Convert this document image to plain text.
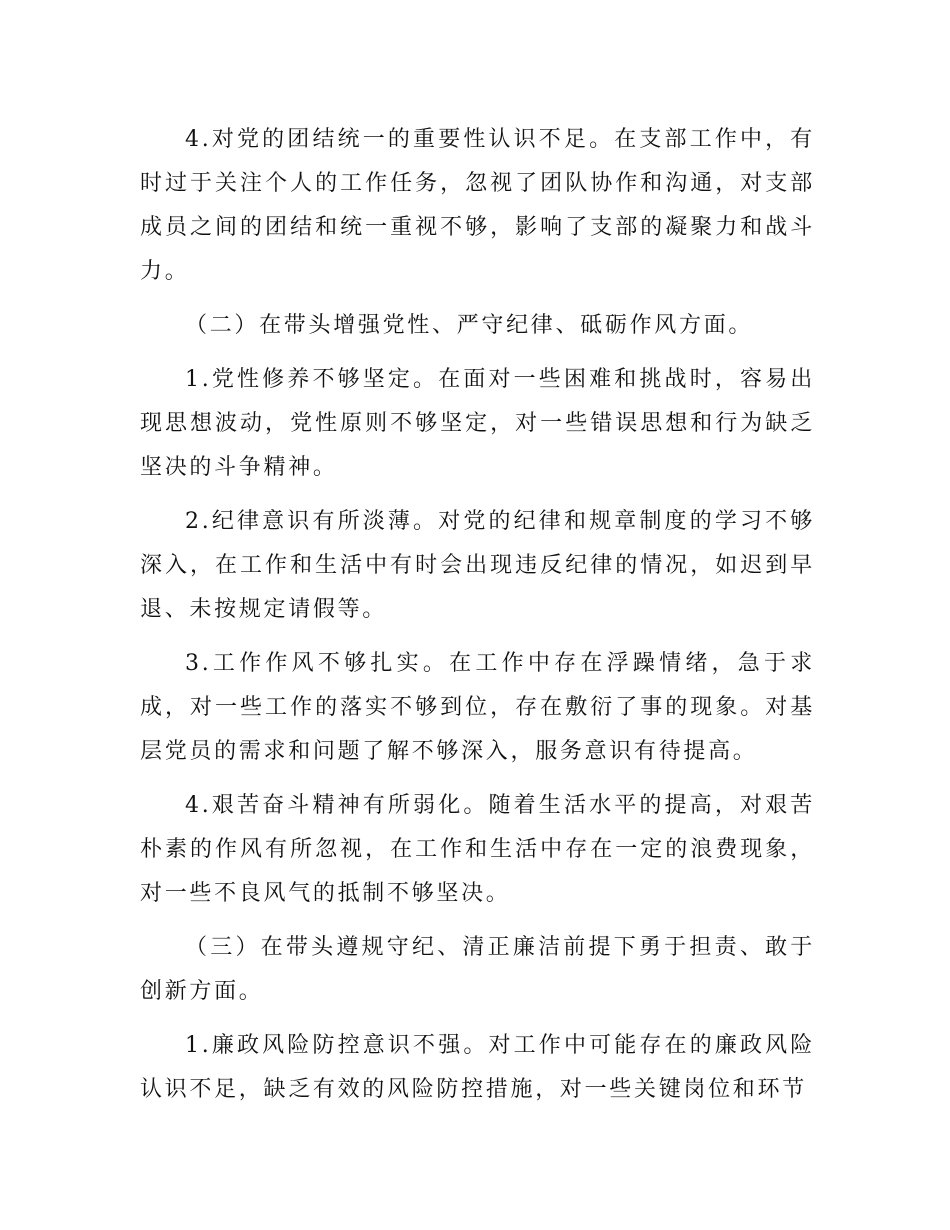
4.对党的团结统一的重要性认识不足。在支部工作中，有时过于关注个人的工作任务，忽视了团队协作和沟通，对支部成员之间的团结和统一重视不够，影响了支部的凝聚力和战斗力。

（二）在带头增强党性、严守纪律、砥砺作风方面。

1.党性修养不够坚定。在面对一些困难和挑战时，容易出现思想波动，党性原则不够坚定，对一些错误思想和行为缺乏坚决的斗争精神。

2.纪律意识有所淡薄。对党的纪律和规章制度的学习不够深入，在工作和生活中有时会出现违反纪律的情况，如迟到早退、未按规定请假等。

3.工作作风不够扎实。在工作中存在浮躁情绪，急于求成，对一些工作的落实不够到位，存在敷衍了事的现象。对基层党员的需求和问题了解不够深入，服务意识有待提高。

4.艰苦奋斗精神有所弱化。随着生活水平的提高，对艰苦朴素的作风有所忽视，在工作和生活中存在一定的浪费现象，对一些不良风气的抵制不够坚决。

（三）在带头遵规守纪、清正廉洁前提下勇于担责、敢于创新方面。

1.廉政风险防控意识不强。对工作中可能存在的廉政风险认识不足，缺乏有效的风险防控措施，对一些关键岗位和环节
